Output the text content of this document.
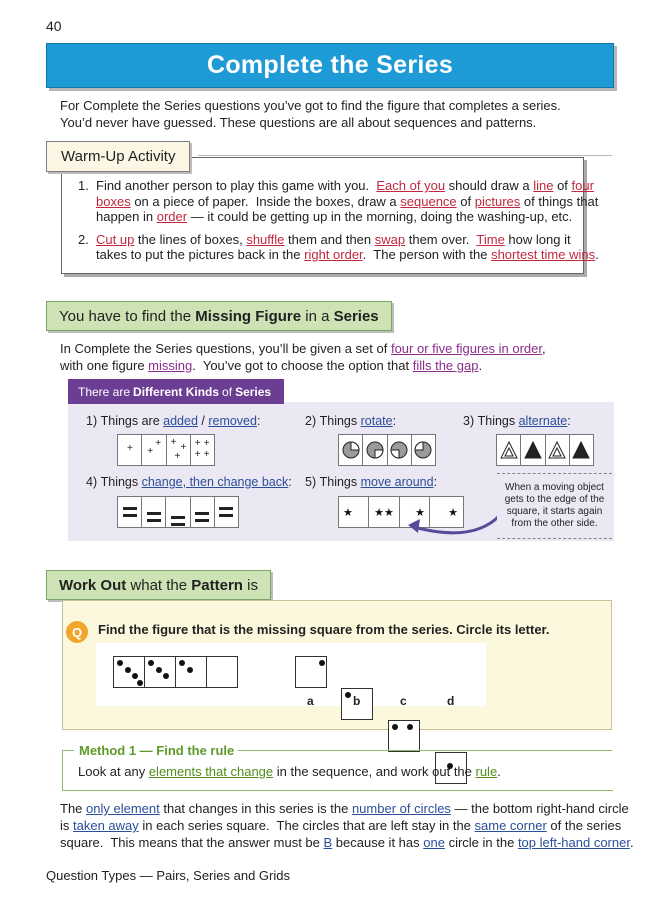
40
Complete the Series
For Complete the Series questions you’ve got to find the figure that completes a series.
You’d never have guessed. These questions are all about sequences and patterns.
Warm-Up Activity
1. Find another person to play this game with you.  Each of you should draw a line of four
boxes on a piece of paper.  Inside the boxes, draw a sequence of pictures of things that
happen in order — it could be getting up in the morning, doing the washing-up, etc.
2. Cut up the lines of boxes, shuffle them and then swap them over.  Time how long it
takes to put the pictures back in the right order.  The person with the shortest time wins.
You have to find the Missing Figure in a Series
In Complete the Series questions, you’ll be given a set of four or five figures in order,
with one figure missing.  You’ve got to choose the option that fills the gap.
There are Different Kinds of Series
1) Things are added / removed:
+ +
+ + +
+
+ +
+ +
2) Things rotate:	3) Things alternate:
4) Things change, then change back: 5) Things move around:
★ ★ ★ ★ ★
When a moving object
gets to the edge of the
square, it starts again
from the other side.
Work Out what the Pattern is
Q	Find the figure that is the missing square from the series. Circle its letter.
a	b	c	d
Method 1 — Find the rule
Look at any elements that change in the sequence, and work out the rule.
The only element that changes in this series is the number of circles — the bottom right-hand circle
is taken away in each series square.  The circles that are left stay in the same corner of the series
square.  This means that the answer must be B because it has one circle in the top left-hand corner.
Question Types — Pairs, Series and Grids
